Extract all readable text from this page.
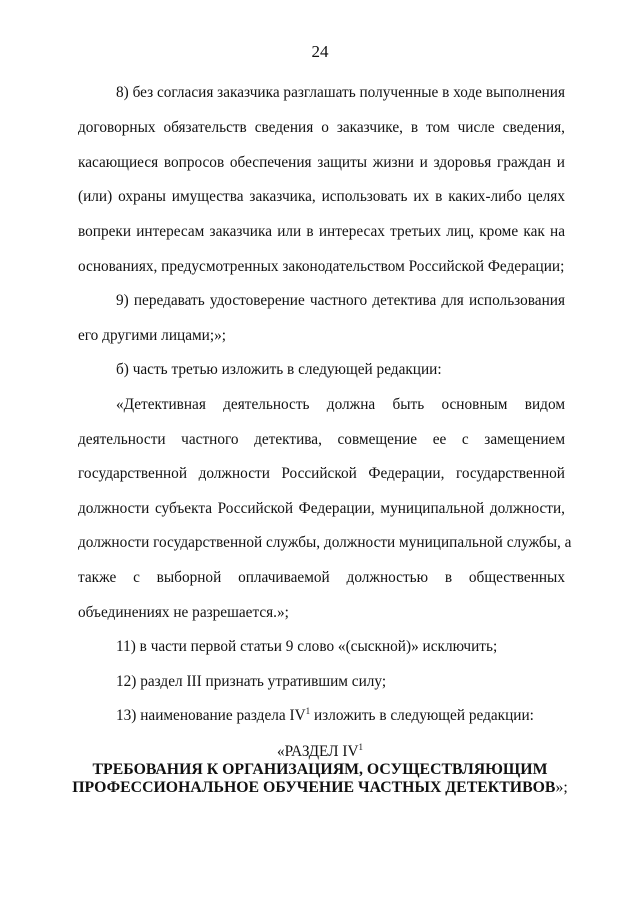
24
8) без согласия заказчика разглашать полученные в ходе выполнения
договорных обязательств сведения о заказчике, в том числе сведения,
касающиеся вопросов обеспечения защиты жизни и здоровья граждан и
(или) охраны имущества заказчика, использовать их в каких-либо целях
вопреки интересам заказчика или в интересах третьих лиц, кроме как на
основаниях, предусмотренных законодательством Российской Федерации;
9) передавать удостоверение частного детектива для использования
его другими лицами;»;
б) часть третью изложить в следующей редакции:
«Детективная деятельность должна быть основным видом
деятельности частного детектива, совмещение ее с замещением
государственной должности Российской Федерации, государственной
должности субъекта Российской Федерации, муниципальной должности,
должности государственной службы, должности муниципальной службы, а
также с выборной оплачиваемой должностью в общественных
объединениях не разрешается.»;
11) в части первой статьи 9 слово «(сыскной)» исключить;
12) раздел III признать утратившим силу;
13) наименование раздела $IV^1$ изложить в следующей редакции:
«РАЗДЕЛ $IV^1$
ТРЕБОВАНИЯ К ОРГАНИЗАЦИЯМ, ОСУЩЕСТВЛЯЮЩИМ
ПРОФЕССИОНАЛЬНОЕ ОБУЧЕНИЕ ЧАСТНЫХ ДЕТЕКТИВОВ»;
